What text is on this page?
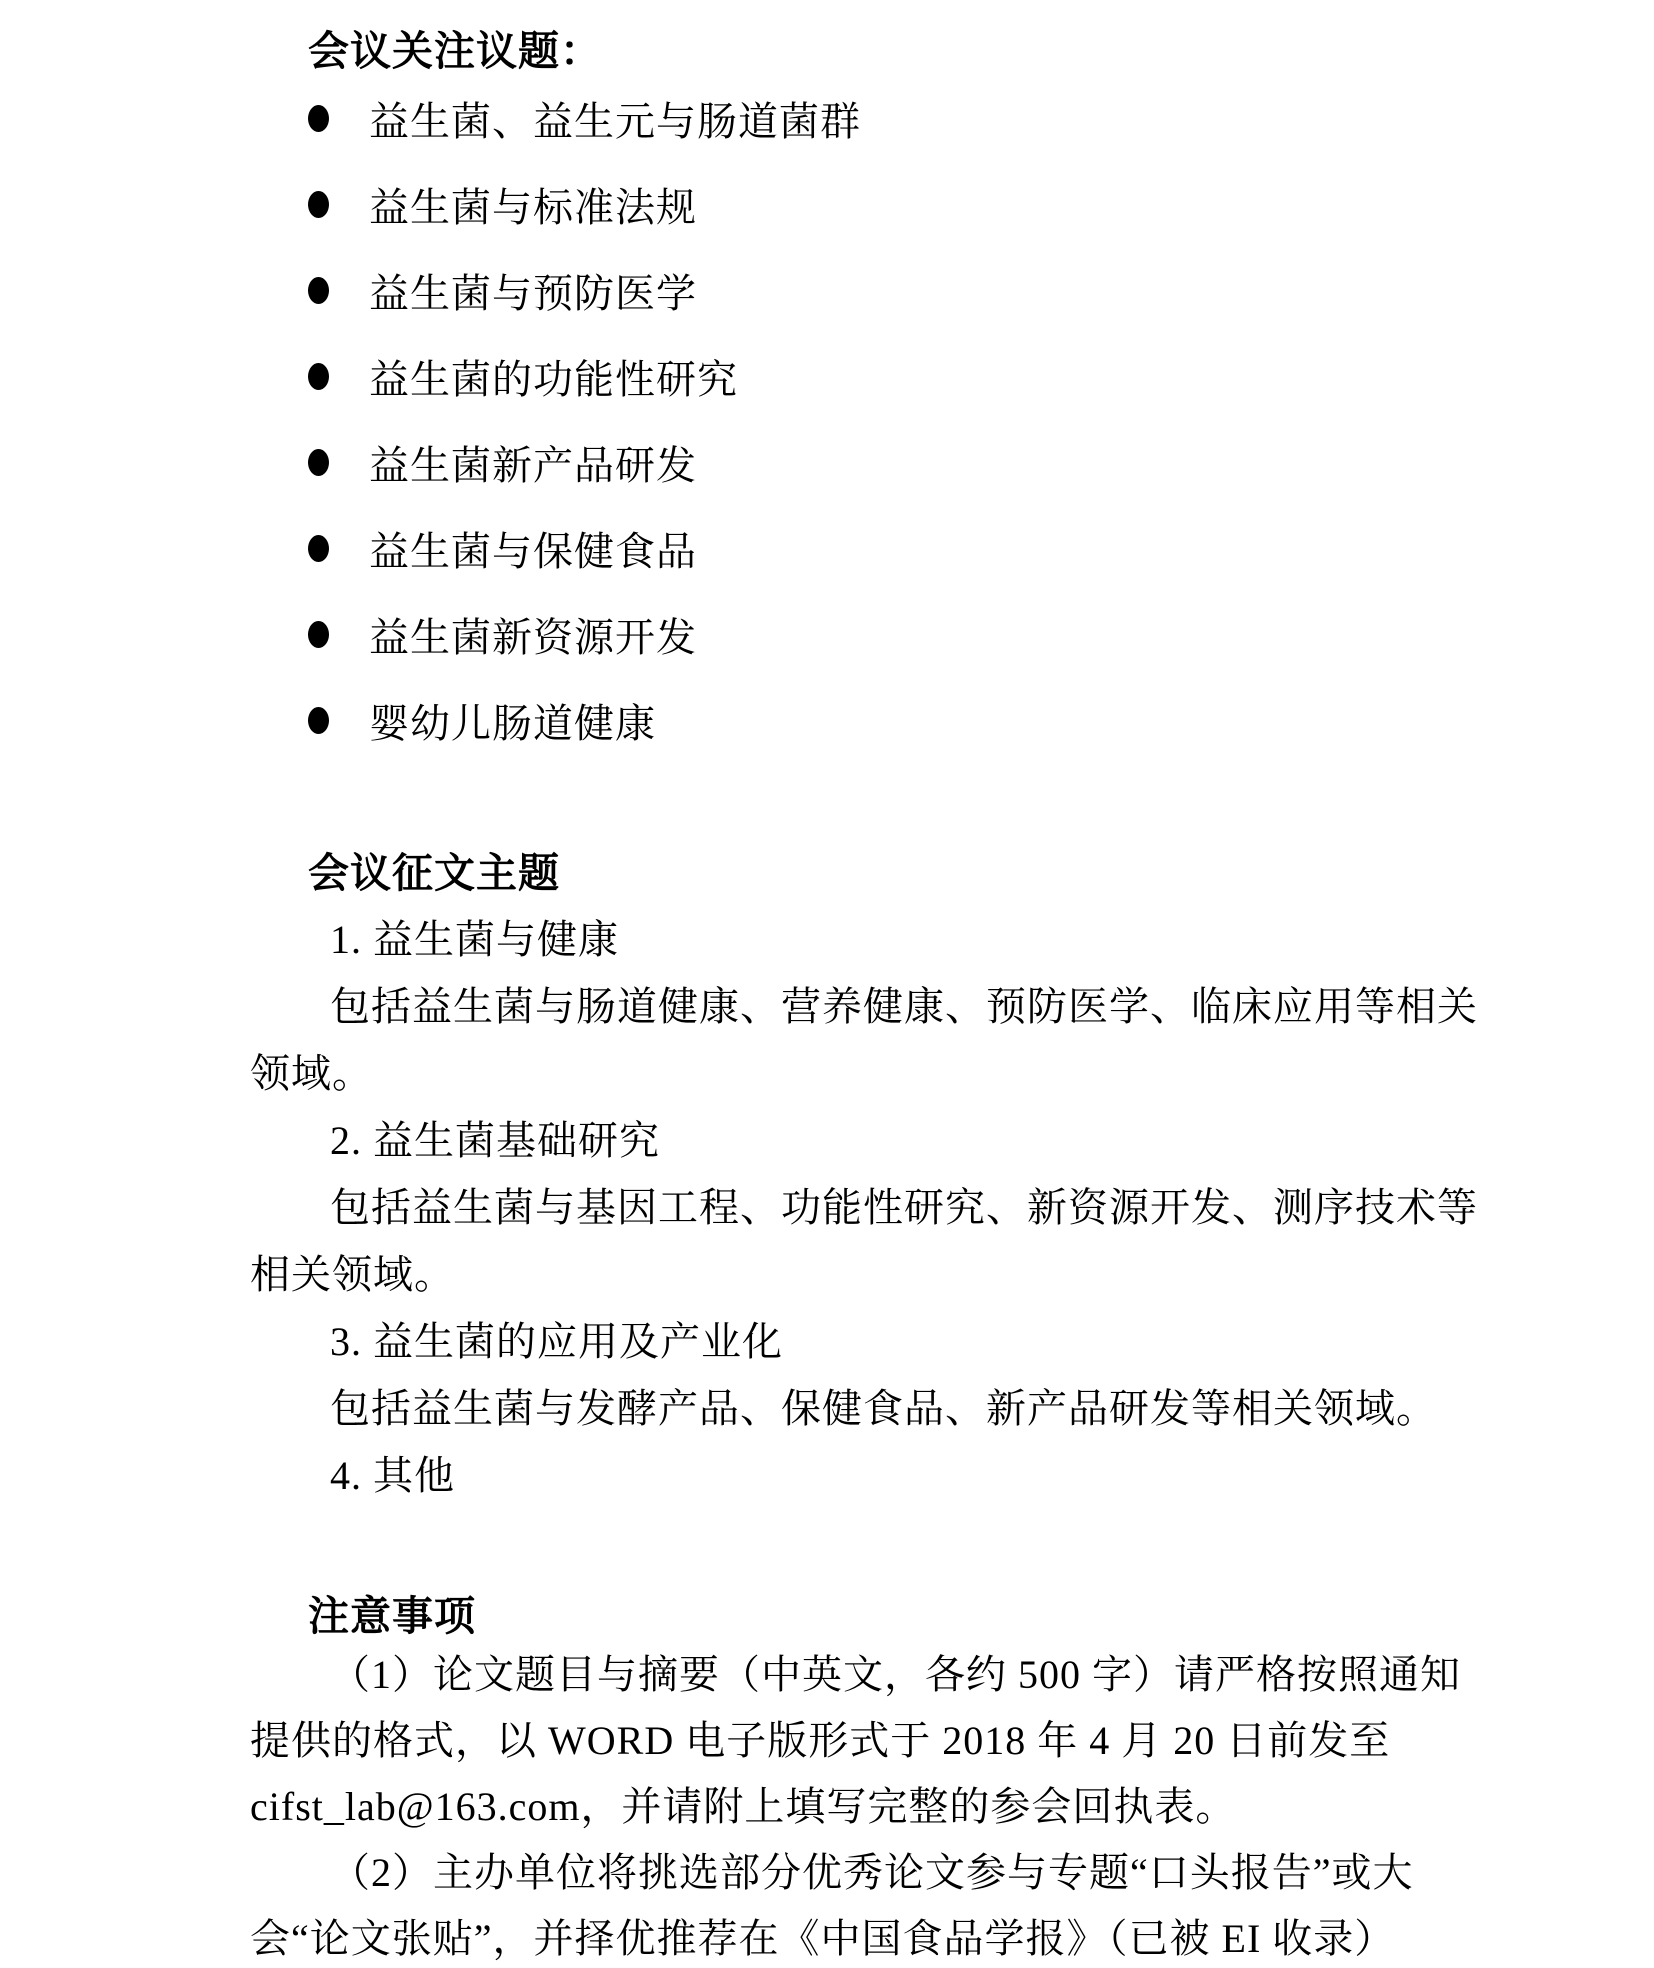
会议关注议题：
益生菌、益生元与肠道菌群
益生菌与标准法规
益生菌与预防医学
益生菌的功能性研究
益生菌新产品研发
益生菌与保健食品
益生菌新资源开发
婴幼儿肠道健康
会议征文主题
1. 益生菌与健康
包括益生菌与肠道健康、营养健康、预防医学、临床应用等相关
领域。
2. 益生菌基础研究
包括益生菌与基因工程、功能性研究、新资源开发、测序技术等
相关领域。
3. 益生菌的应用及产业化
包括益生菌与发酵产品、保健食品、新产品研发等相关领域。
4. 其他
注意事项
（1）论文题目与摘要（中英文，各约 500 字）请严格按照通知
提供的格式，以 WORD 电子版形式于 2018 年 4 月 20 日前发至
cifst_lab@163.com，并请附上填写完整的参会回执表。
（2）主办单位将挑选部分优秀论文参与专题“口头报告”或大
会“论文张贴”，并择优推荐在《中国食品学报》（已被 EI 收录）
